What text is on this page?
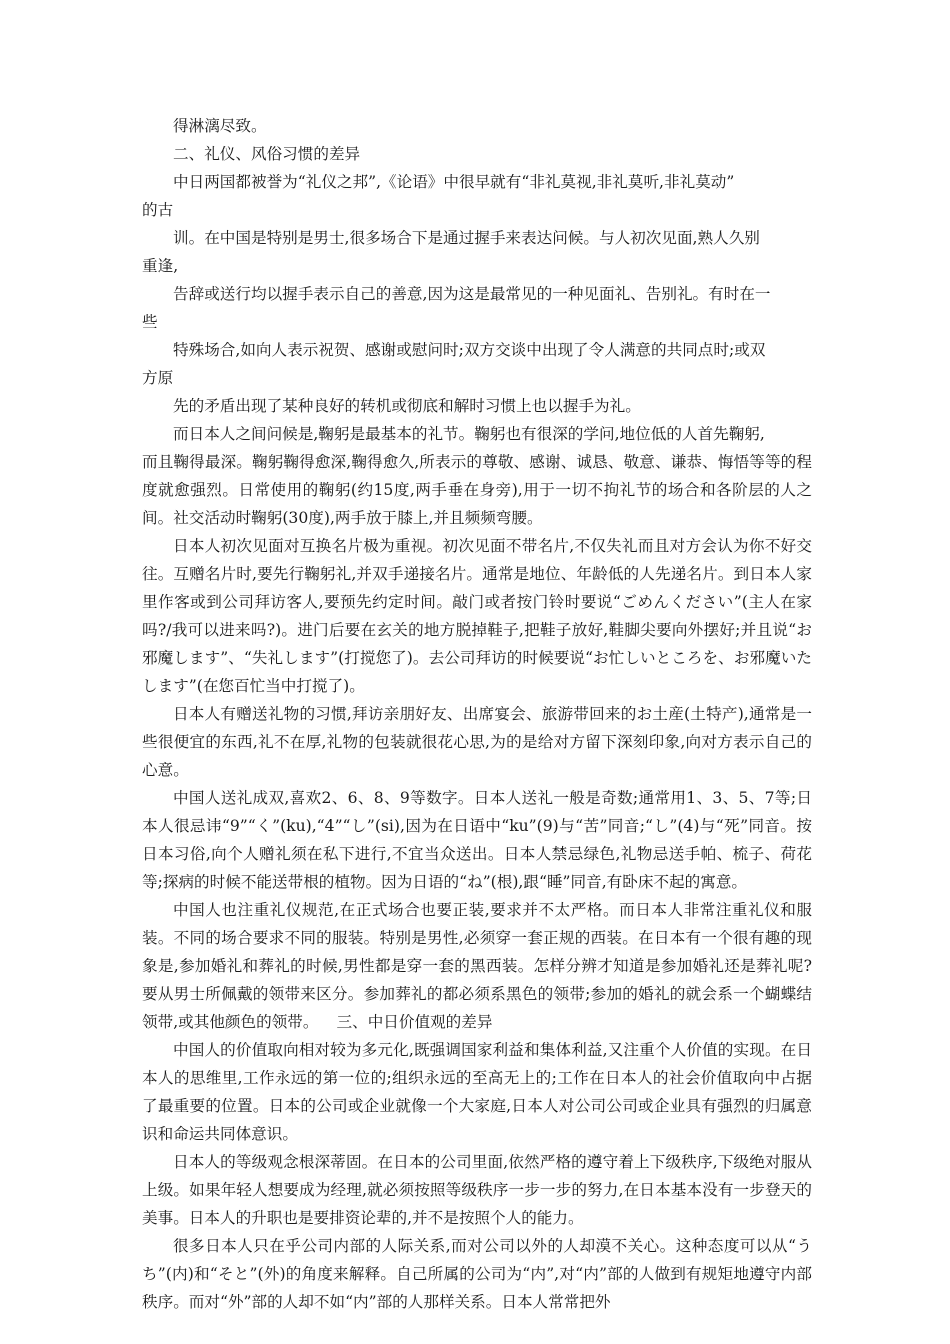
得淋漓尽致。

二、礼仪、风俗习惯的差异

中日两国都被誉为“礼仪之邦”,《论语》中很早就有“非礼莫视,非礼莫听,非礼莫动”

的古

训。在中国是特别是男士,很多场合下是通过握手来表达问候。与人初次见面,熟人久别

重逢,

告辞或送行均以握手表示自己的善意,因为这是最常见的一种见面礼、告别礼。有时在一

些

特殊场合,如向人表示祝贺、感谢或慰问时;双方交谈中出现了令人满意的共同点时;或双

方原

先的矛盾出现了某种良好的转机或彻底和解时习惯上也以握手为礼。

而日本人之间问候是,鞠躬是最基本的礼节。鞠躬也有很深的学问,地位低的人首先鞠躬,

而且鞠得最深。鞠躬鞠得愈深,鞠得愈久,所表示的尊敬、感谢、诚恳、敬意、谦恭、悔悟等等的程度就愈强烈。日常使用的鞠躬(约15度,两手垂在身旁),用于一切不拘礼节的场合和各阶层的人之间。社交活动时鞠躬(30度),两手放于膝上,并且频频弯腰。

日本人初次见面对互换名片极为重视。初次见面不带名片,不仅失礼而且对方会认为你不好交往。互赠名片时,要先行鞠躬礼,并双手递接名片。通常是地位、年龄低的人先递名片。到日本人家里作客或到公司拜访客人,要预先约定时间。敲门或者按门铃时要说“ごめんください”(主人在家吗?/我可以进来吗?)。进门后要在玄关的地方脱掉鞋子,把鞋子放好,鞋脚尖要向外摆好;并且说“お邪魔します”、“失礼します”(打搅您了)。去公司拜访的时候要说“お忙しいところを、お邪魔いたします”(在您百忙当中打搅了)。

日本人有赠送礼物的习惯,拜访亲朋好友、出席宴会、旅游带回来的お土産(土特产),通常是一些很便宜的东西,礼不在厚,礼物的包装就很花心思,为的是给对方留下深刻印象,向对方表示自己的心意。

中国人送礼成双,喜欢2、6、8、9等数字。日本人送礼一般是奇数;通常用1、3、5、7等;日本人很忌讳“9”“く”(ku),“4”“し”(si),因为在日语中“ku”(9)与“苦”同音;“し”(4)与“死”同音。按日本习俗,向个人赠礼须在私下进行,不宜当众送出。日本人禁忌绿色,礼物忌送手帕、梳子、荷花等;探病的时候不能送带根的植物。因为日语的“ね”(根),跟“睡”同音,有卧床不起的寓意。

中国人也注重礼仪规范,在正式场合也要正装,要求并不太严格。而日本人非常注重礼仪和服装。不同的场合要求不同的服装。特别是男性,必须穿一套正规的西装。在日本有一个很有趣的现象是,参加婚礼和葬礼的时候,男性都是穿一套的黑西装。怎样分辨才知道是参加婚礼还是葬礼呢?要从男士所佩戴的领带来区分。参加葬礼的都必须系黑色的领带;参加的婚礼的就会系一个蝴蝶结领带,或其他颜色的领带。 三、中日价值观的差异

中国人的价值取向相对较为多元化,既强调国家利益和集体利益,又注重个人价值的实现。在日本人的思维里,工作永远的第一位的;组织永远的至高无上的;工作在日本人的社会价值取向中占据了最重要的位置。日本的公司或企业就像一个大家庭,日本人对公司公司或企业具有强烈的归属意识和命运共同体意识。

日本人的等级观念根深蒂固。在日本的公司里面,依然严格的遵守着上下级秩序,下级绝对服从上级。如果年轻人想要成为经理,就必须按照等级秩序一步一步的努力,在日本基本没有一步登天的美事。日本人的升职也是要排资论辈的,并不是按照个人的能力。

很多日本人只在乎公司内部的人际关系,而对公司以外的人却漠不关心。这种态度可以从“うち”(内)和“そと”(外)的角度来解释。自己所属的公司为“内”,对“内”部的人做到有规矩地遵守内部秩序。而对“外”部的人却不如“内”部的人那样关系。日本人常常把外
